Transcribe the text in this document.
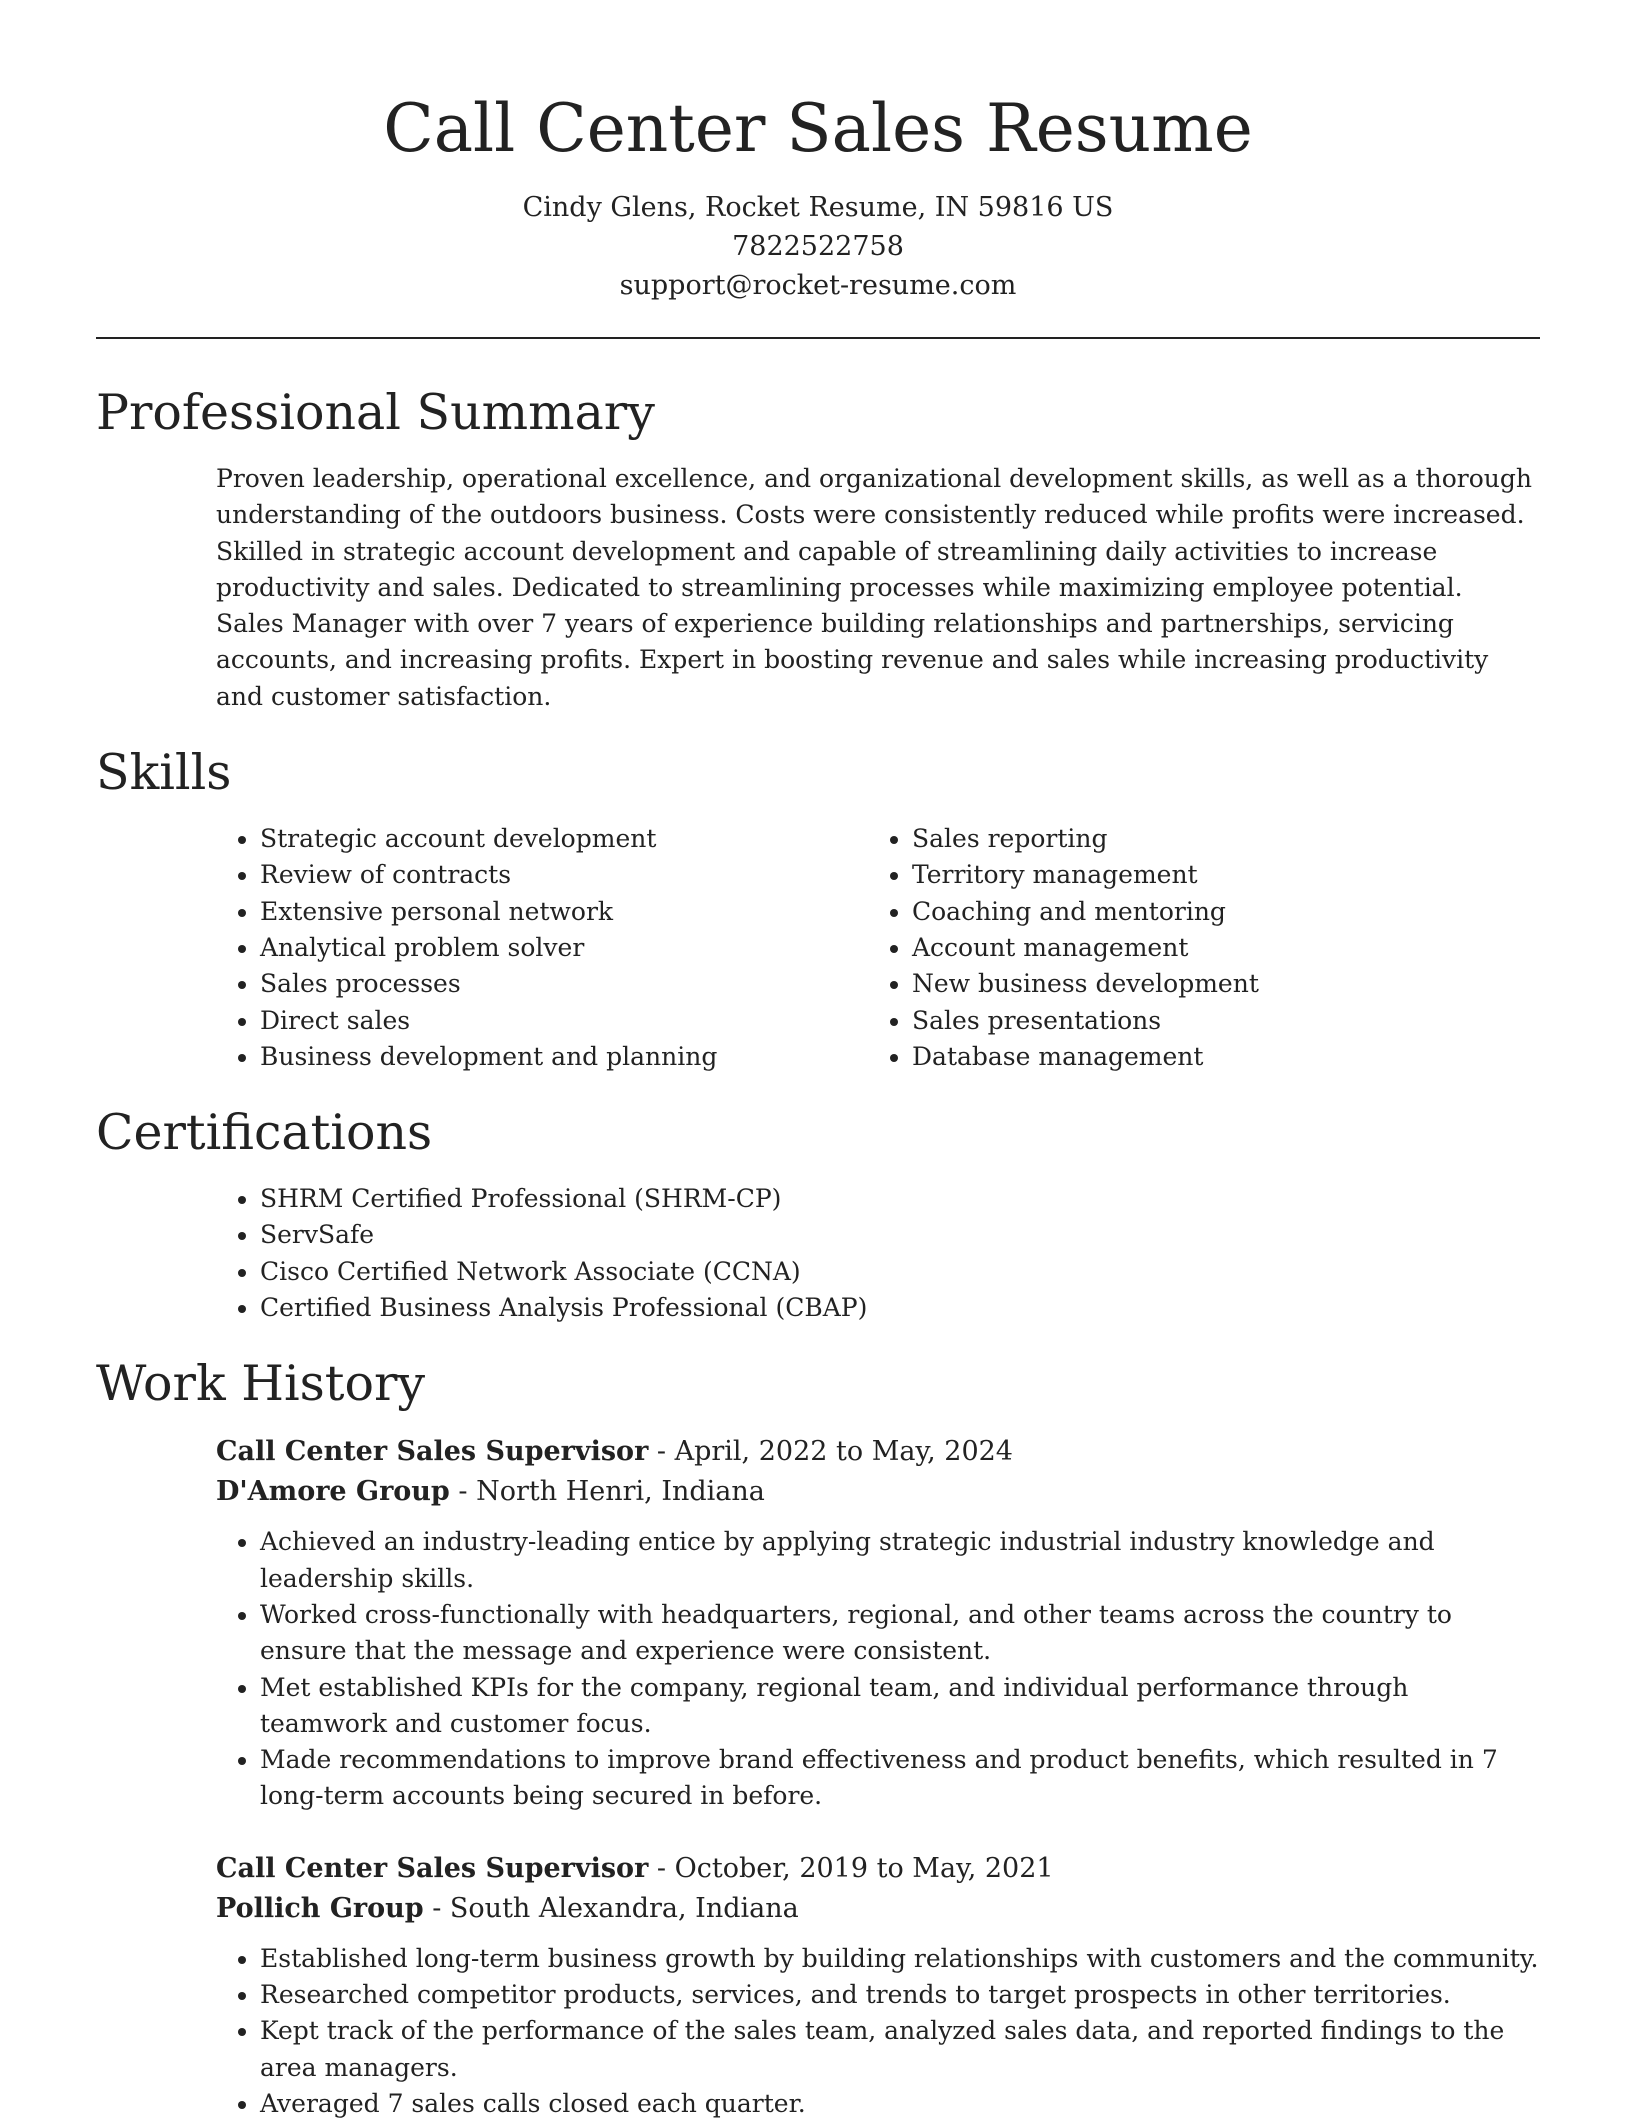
Call Center Sales Resume
Cindy Glens, Rocket Resume, IN 59816 US
7822522758
support@rocket-resume.com
Professional Summary

Proven leadership, operational excellence, and organizational development skills, as well as a thorough understanding of the outdoors business. Costs were consistently reduced while profits were increased. Skilled in strategic account development and capable of streamlining daily activities to increase productivity and sales. Dedicated to streamlining processes while maximizing employee potential. Sales Manager with over 7 years of experience building relationships and partnerships, servicing accounts, and increasing profits. Expert in boosting revenue and sales while increasing productivity and customer satisfaction.

Skills
• Strategic account development
• Review of contracts
• Extensive personal network
• Analytical problem solver
• Sales processes
• Direct sales
• Business development and planning
• Sales reporting
• Territory management
• Coaching and mentoring
• Account management
• New business development
• Sales presentations
• Database management
Certifications
• SHRM Certified Professional (SHRM-CP)
• ServSafe
• Cisco Certified Network Associate (CCNA)
• Certified Business Analysis Professional (CBAP)
Work History
Call Center Sales Supervisor - April, 2022 to May, 2024
D'Amore Group - North Henri, Indiana
• Achieved an industry-leading entice by applying strategic industrial industry knowledge and leadership skills.
• Worked cross-functionally with headquarters, regional, and other teams across the country to ensure that the message and experience were consistent.
• Met established KPIs for the company, regional team, and individual performance through teamwork and customer focus.
• Made recommendations to improve brand effectiveness and product benefits, which resulted in 7 long-term accounts being secured in before.
Call Center Sales Supervisor - October, 2019 to May, 2021
Pollich Group - South Alexandra, Indiana
• Established long-term business growth by building relationships with customers and the community.
• Researched competitor products, services, and trends to target prospects in other territories.
• Kept track of the performance of the sales team, analyzed sales data, and reported findings to the area managers.
• Averaged 7 sales calls closed each quarter.
